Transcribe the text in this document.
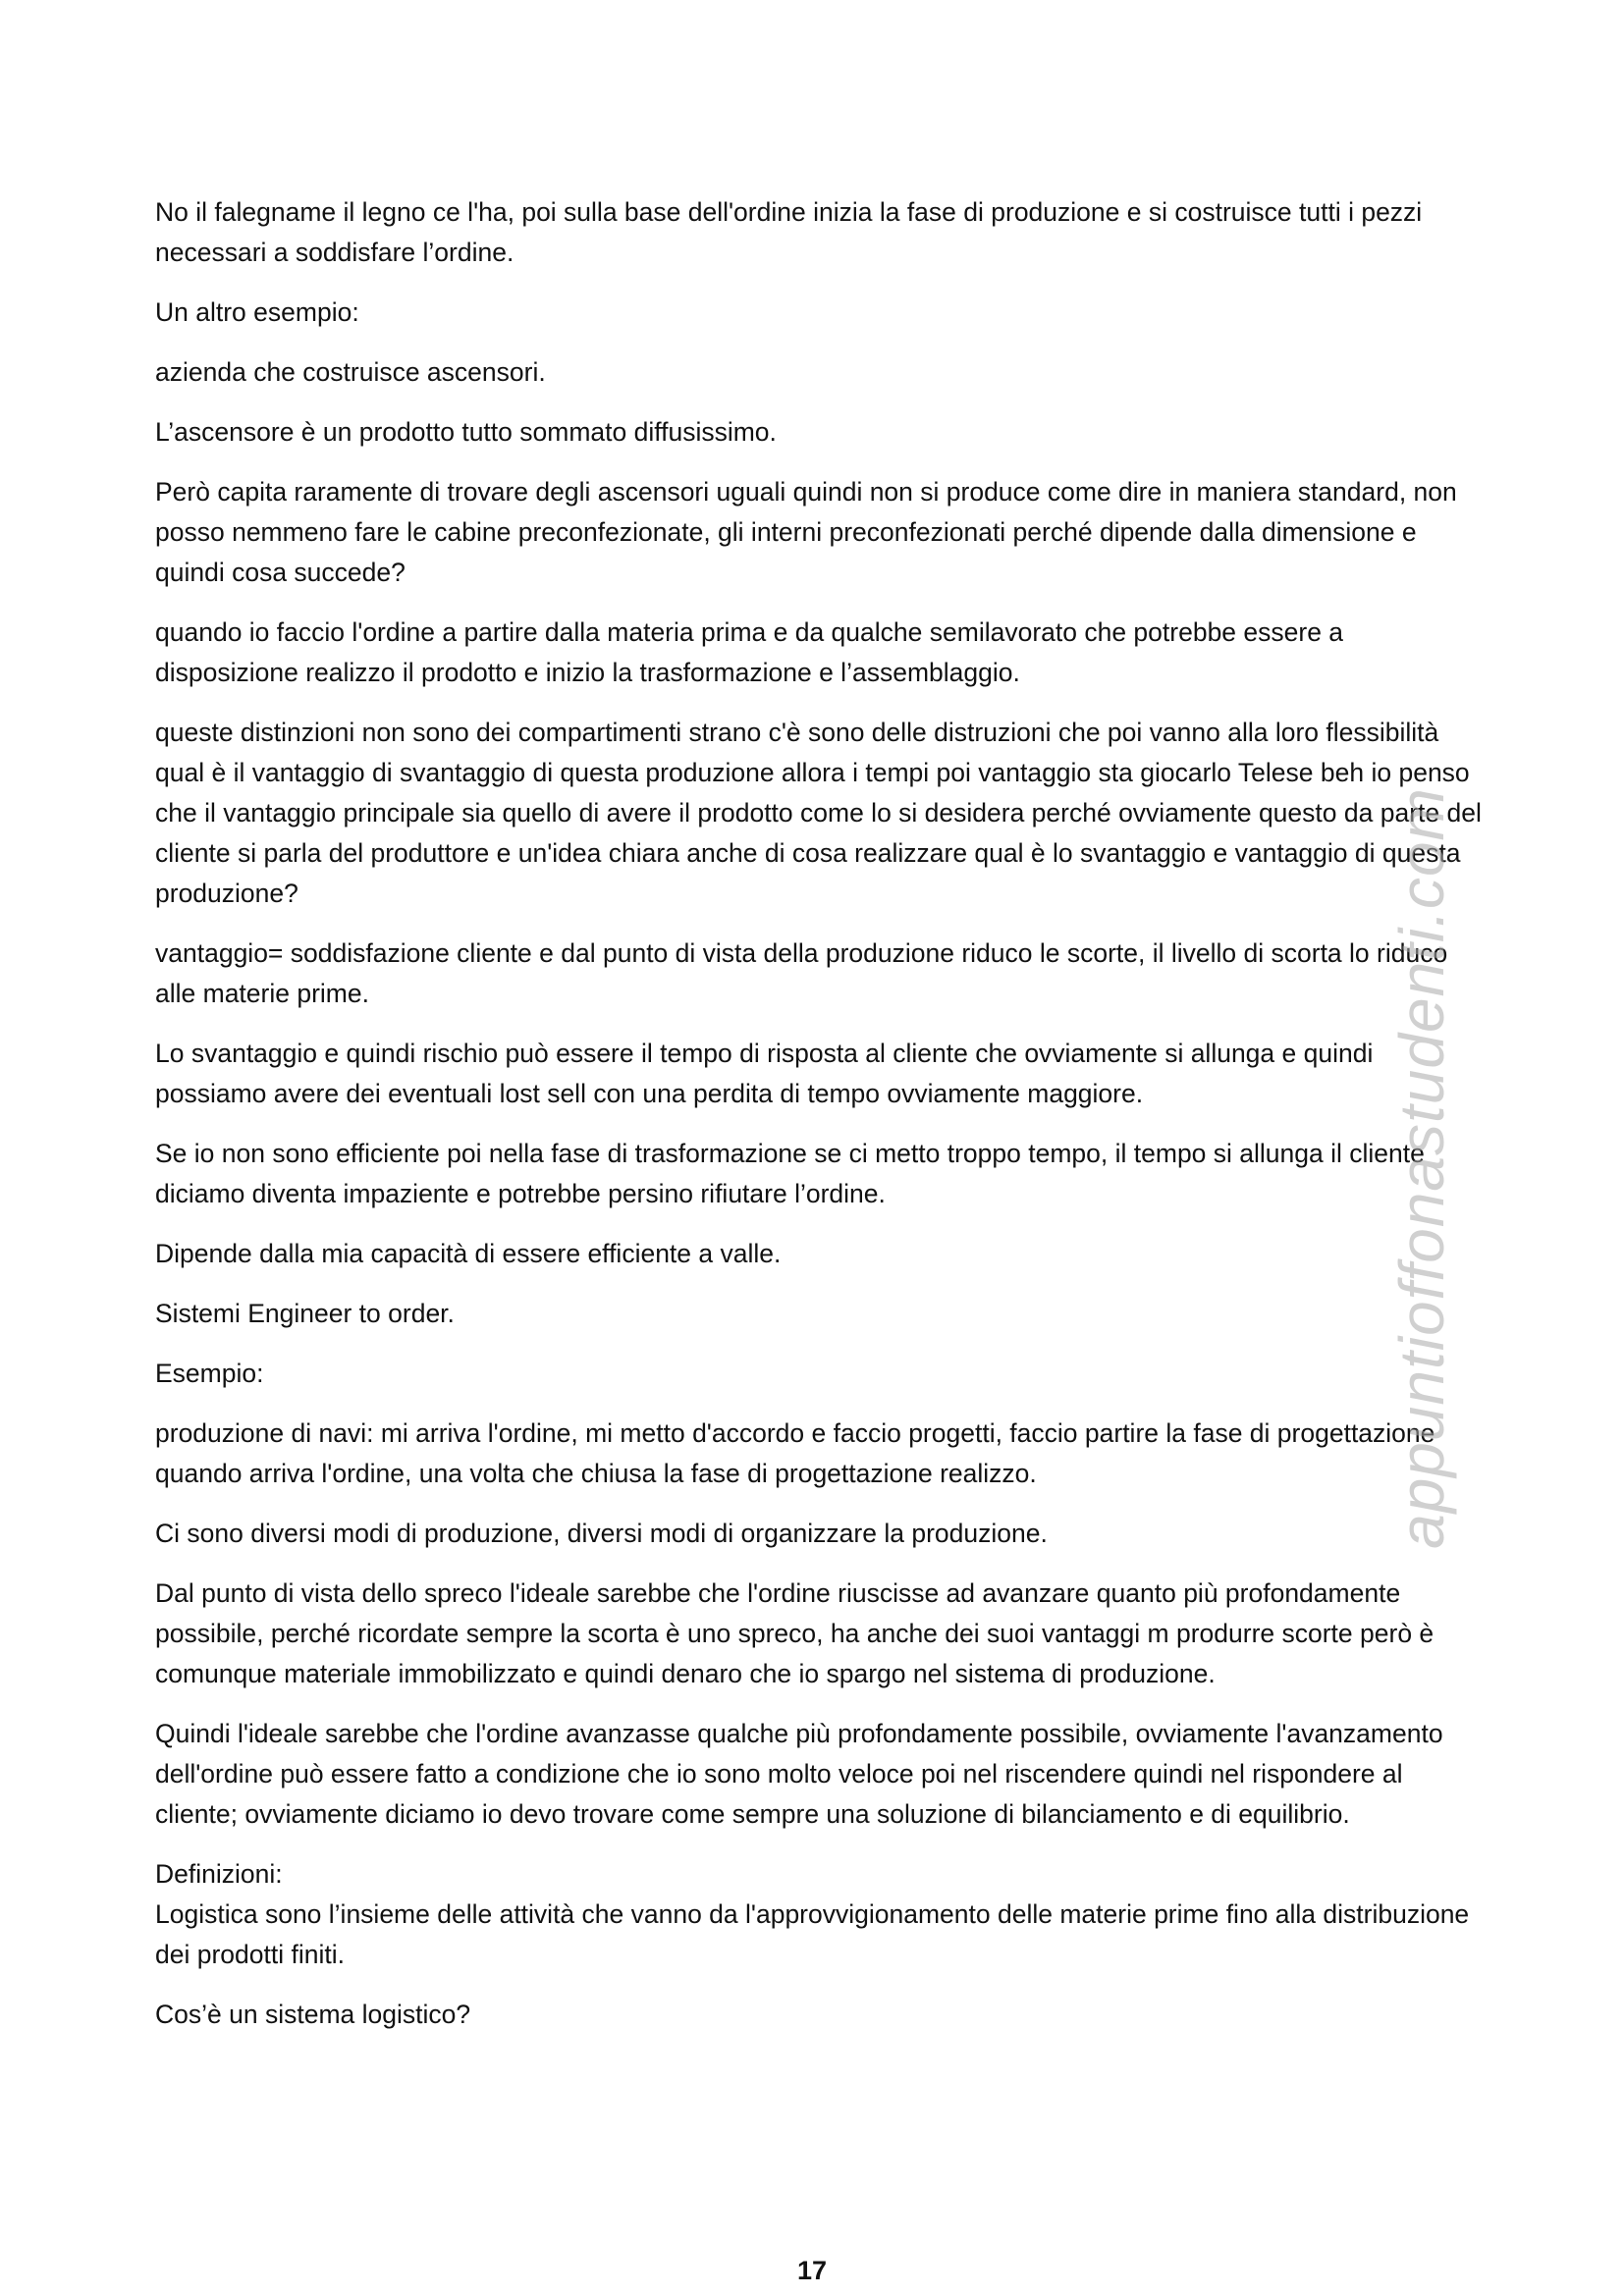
No il falegname il legno ce l'ha, poi sulla base dell'ordine inizia la fase di produzione e si costruisce tutti i pezzi necessari a soddisfare l’ordine.

Un altro esempio:

azienda che costruisce ascensori.

L’ascensore è un prodotto tutto sommato diffusissimo.

Però capita raramente di trovare degli ascensori uguali quindi non si produce come dire in maniera standard, non posso nemmeno fare le cabine preconfezionate, gli interni preconfezionati perché dipende dalla dimensione e quindi cosa succede?

quando io faccio l'ordine a partire dalla materia prima e da qualche semilavorato che potrebbe essere a disposizione realizzo il prodotto e inizio la trasformazione e l’assemblaggio.

queste distinzioni non sono dei compartimenti strano c'è sono delle distruzioni che poi vanno alla loro flessibilità qual è il vantaggio di svantaggio di questa produzione allora i tempi poi vantaggio sta giocarlo Telese beh io penso che il vantaggio principale sia quello di avere il prodotto come lo si desidera perché ovviamente questo da parte del cliente si parla del produttore e un'idea chiara anche di cosa realizzare qual è lo svantaggio e vantaggio di questa produzione?

vantaggio= soddisfazione cliente e dal punto di vista della produzione riduco le scorte, il livello di scorta lo riduco alle materie prime.

Lo svantaggio e quindi rischio può essere il tempo di risposta al cliente che ovviamente si allunga e quindi possiamo avere dei eventuali lost sell con una perdita di tempo ovviamente maggiore.

Se io non sono efficiente poi nella fase di trasformazione se ci metto troppo tempo, il tempo si allunga il cliente diciamo diventa impaziente e potrebbe persino rifiutare l’ordine.

Dipende dalla mia capacità di essere efficiente a valle.

Sistemi Engineer to order.

Esempio:

produzione di navi: mi arriva l'ordine, mi metto d'accordo e faccio progetti, faccio partire la fase di progettazione quando arriva l'ordine, una volta che chiusa la fase di progettazione realizzo.

Ci sono diversi modi di produzione, diversi modi di organizzare la produzione.

Dal punto di vista dello spreco l'ideale sarebbe che l'ordine riuscisse ad avanzare quanto più profondamente possibile, perché ricordate sempre la scorta è uno spreco, ha anche dei suoi vantaggi m produrre scorte però è comunque materiale immobilizzato e quindi denaro che io spargo nel sistema di produzione.

Quindi l'ideale sarebbe che l'ordine avanzasse qualche più profondamente possibile, ovviamente l'avanzamento dell'ordine può essere fatto a condizione che io sono molto veloce poi nel riscendere quindi nel rispondere al cliente; ovviamente diciamo io devo trovare come sempre una soluzione di bilanciamento e di equilibrio.

Definizioni:

Logistica sono l’insieme delle attività che vanno da l'approvvigionamento delle materie prime fino alla distribuzione dei prodotti finiti.

Cos’è un sistema logistico?

appuntioffonastudenti.com
17
